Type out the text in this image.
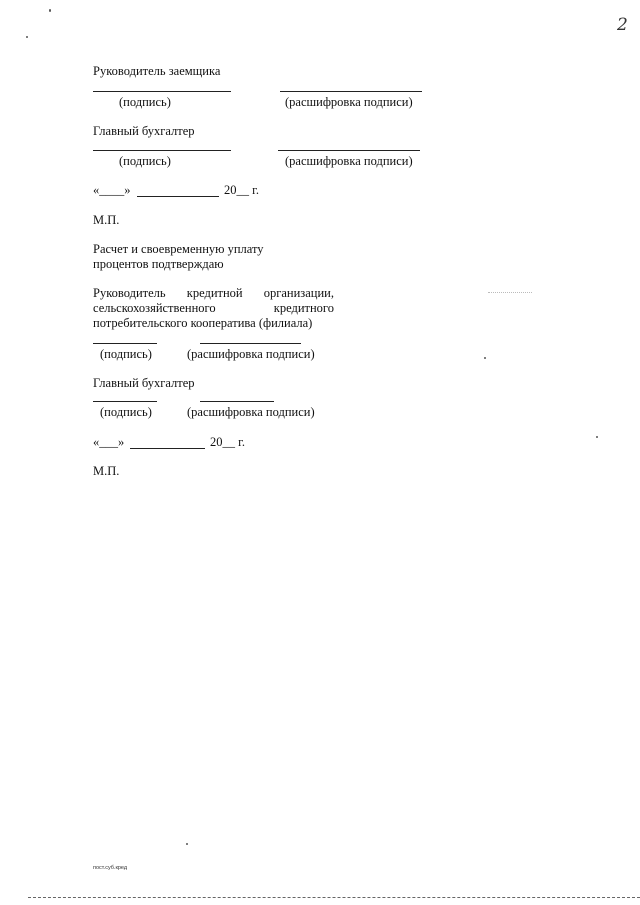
2
Руководитель заемщика
(подпись)	(расшифровка подписи)
Главный бухгалтер
(подпись)	(расшифровка подписи)
«____»	20__ г.
М.П.
Расчет и своевременную уплату
процентов подтверждаю
Руководитель кредитной организации,
сельскохозяйственного	кредитного
потребительского кооператива (филиала)
(подпись)	(расшифровка подписи)
Главный бухгалтер
(подпись)	(расшифровка подписи)
«___»	20__ г.
М.П.
пост.суб.кред
